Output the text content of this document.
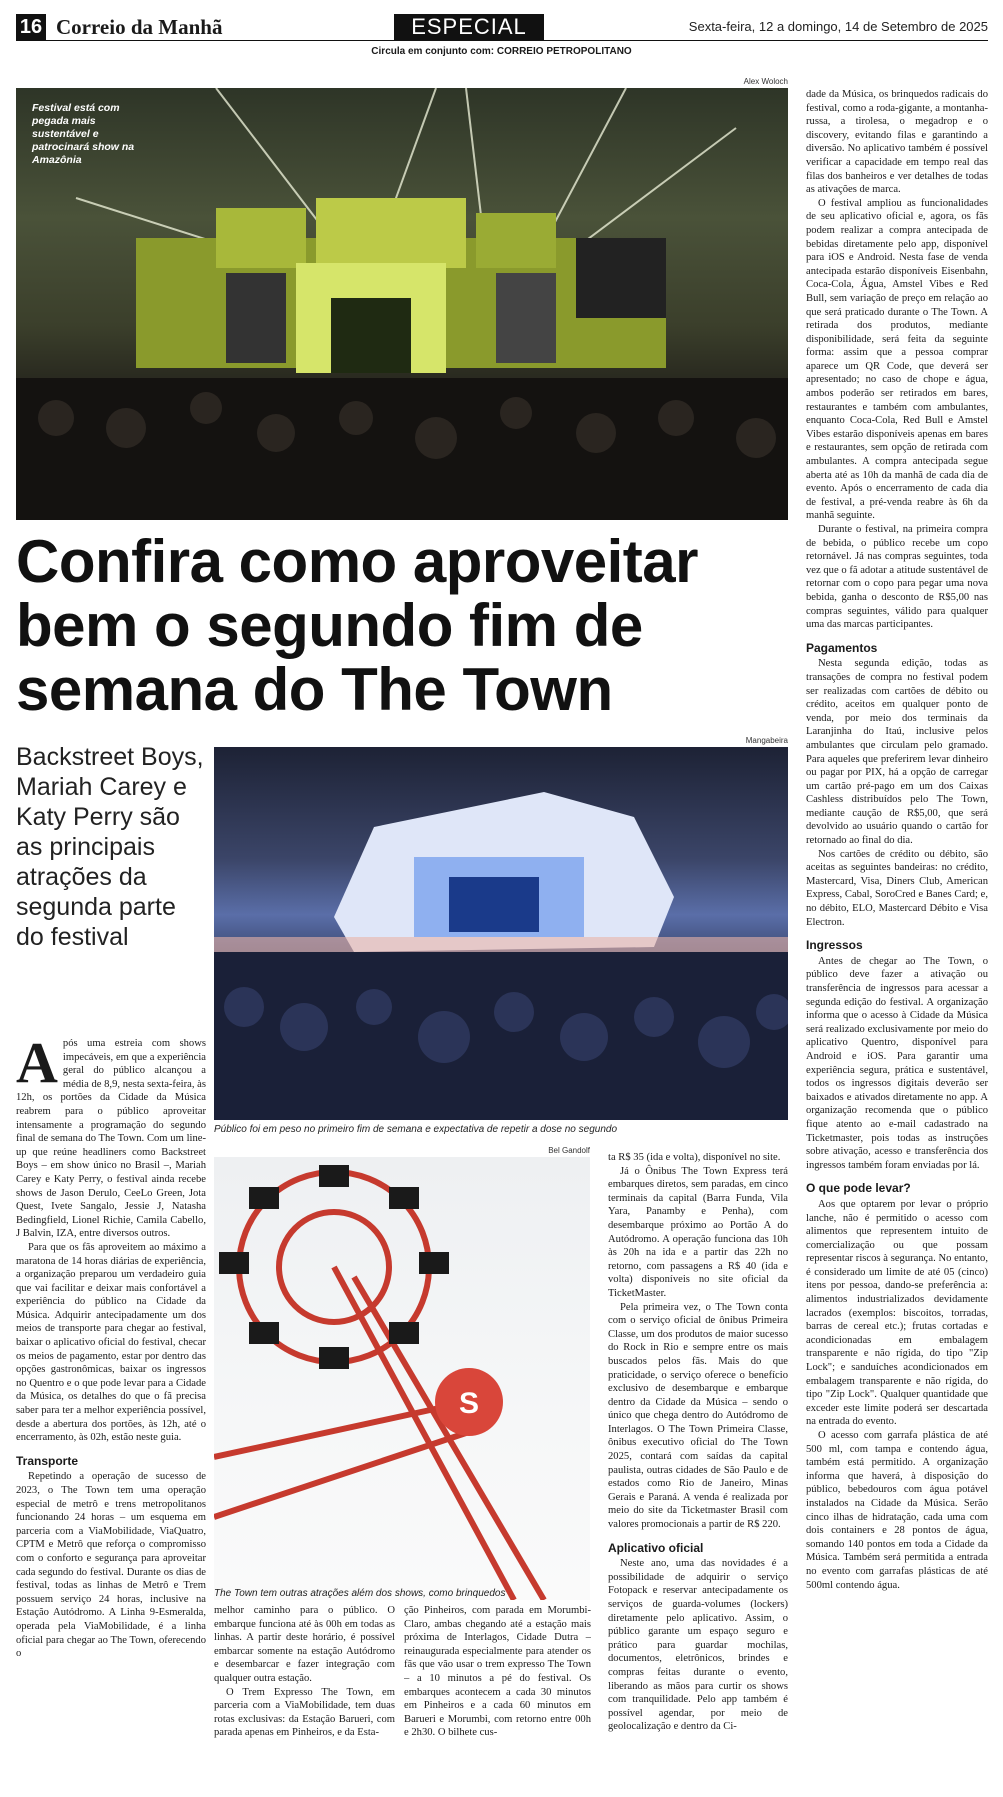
16 Correio da Manhã	ESPECIAL	Sexta-feira, 12 a domingo, 14 de Setembro de 2025
Circula em conjunto com: CORREIO PETROPOLITANO
Alex Woloch
Festival está com pegada mais sustentável e patrocinará show na Amazônia
Confira como aproveitar bem o segundo fim de semana do The Town
Backstreet Boys, Mariah Carey e Katy Perry são as principais atrações da segunda parte do festival
Mangabeira
Público foi em peso no primeiro fim de semana e expectativa de repetir a dose no segundo
Bel Gandolf
S

A pós uma estreia com shows impecáveis, em que a experiência geral do público alcançou a média de 8,9, nesta sexta-feira, às 12h, os portões da Cidade da Música reabrem para o público aproveitar intensamente a programação do segundo final de semana do The Town. Com um line-up que reúne headliners como Backstreet Boys – em show único no Brasil –, Mariah Carey e Katy Perry, o festival ainda recebe shows de Jason Derulo, CeeLo Green, Jota Quest, Ivete Sangalo, Jessie J, Natasha Bedingfield, Lionel Richie, Camila Cabello, J Balvin, IZA, entre diversos outros.

Para que os fãs aproveitem ao máximo a maratona de 14 horas diárias de experiência, a organização preparou um verdadeiro guia que vai facilitar e deixar mais confortável a experiência do público na Cidade da Música. Adquirir antecipadamente um dos meios de transporte para chegar ao festival, baixar o aplicativo oficial do festival, checar os meios de pagamento, estar por dentro das opções gastronômicas, baixar os ingressos no Quentro e o que pode levar para a Cidade da Música, os detalhes do que o fã precisa saber para ter a melhor experiência possível, desde a abertura dos portões, às 12h, até o encerramento, às 02h, estão neste guia.

Transporte

Repetindo a operação de sucesso de 2023, o The Town tem uma operação especial de metrô e trens metropolitanos funcionando 24 horas – um esquema em parceria com a ViaMobilidade, ViaQuatro, CPTM e Metrô que reforça o compromisso com o conforto e segurança para aproveitar cada segundo do festival. Durante os dias de festival, todas as linhas de Metrô e Trem possuem serviço 24 horas, inclusive na Estação Autódromo. A Linha 9-Esmeralda, operada pela ViaMobilidade, é a linha oficial para chegar ao The Town, oferecendo o

The Town tem outras atrações além dos shows, como brinquedos

melhor caminho para o público. O embarque funciona até às 00h em todas as linhas. A partir deste horário, é possível embarcar somente na estação Autódromo e desembarcar e fazer integração com qualquer outra estação.

O Trem Expresso The Town, em parceria com a ViaMobilidade, tem duas rotas exclusivas: da Estação Barueri, com parada apenas em Pinheiros, e da Esta-

ção Pinheiros, com parada em Morumbi-Claro, ambas chegando até a estação mais próxima de Interlagos, Cidade Dutra – reinaugurada especialmente para atender os fãs que vão usar o trem expresso The Town – a 10 minutos a pé do festival. Os embarques acontecem a cada 30 minutos em Pinheiros e a cada 60 minutos em Barueri e Morumbi, com retorno entre 00h e 2h30. O bilhete cus-

ta R$ 35 (ida e volta), disponível no site.

Já o Ônibus The Town Express terá embarques diretos, sem paradas, em cinco terminais da capital (Barra Funda, Vila Yara, Panamby e Penha), com desembarque próximo ao Portão A do Autódromo. A operação funciona das 10h às 20h na ida e a partir das 22h no retorno, com passagens a R$ 40 (ida e volta) disponíveis no site oficial da TicketMaster.

Pela primeira vez, o The Town conta com o serviço oficial de ônibus Primeira Classe, um dos produtos de maior sucesso do Rock in Rio e sempre entre os mais buscados pelos fãs. Mais do que praticidade, o serviço oferece o benefício exclusivo de desembarque e embarque dentro da Cidade da Música – sendo o único que chega dentro do Autódromo de Interlagos. O The Town Primeira Classe, ônibus executivo oficial do The Town 2025, contará com saídas da capital paulista, outras cidades de São Paulo e de estados como Rio de Janeiro, Minas Gerais e Paraná. A venda é realizada por meio do site da Ticketmaster Brasil com valores promocionais a partir de R$ 220.

Aplicativo oficial

Neste ano, uma das novidades é a possibilidade de adquirir o serviço Fotopack e reservar antecipadamente os serviços de guarda-volumes (lockers) diretamente pelo aplicativo. Assim, o público garante um espaço seguro e prático para guardar mochilas, documentos, eletrônicos, brindes e compras feitas durante o evento, liberando as mãos para curtir os shows com tranquilidade. Pelo app também é possível agendar, por meio de geolocalização e dentro da Ci-

dade da Música, os brinquedos radicais do festival, como a roda-gigante, a montanha-russa, a tirolesa, o megadrop e o discovery, evitando filas e garantindo a diversão. No aplicativo também é possível verificar a capacidade em tempo real das filas dos banheiros e ver detalhes de todas as ativações de marca.

O festival ampliou as funcionalidades de seu aplicativo oficial e, agora, os fãs podem realizar a compra antecipada de bebidas diretamente pelo app, disponível para iOS e Android. Nesta fase de venda antecipada estarão disponíveis Eisenbahn, Coca-Cola, Água, Amstel Vibes e Red Bull, sem variação de preço em relação ao que será praticado durante o The Town. A retirada dos produtos, mediante disponibilidade, será feita da seguinte forma: assim que a pessoa comprar aparece um QR Code, que deverá ser apresentado; no caso de chope e água, ambos poderão ser retirados em bares, restaurantes e também com ambulantes, enquanto Coca-Cola, Red Bull e Amstel Vibes estarão disponíveis apenas em bares e restaurantes, sem opção de retirada com ambulantes. A compra antecipada segue aberta até as 10h da manhã de cada dia de evento. Após o encerramento de cada dia de festival, a pré-venda reabre às 6h da manhã seguinte.

Durante o festival, na primeira compra de bebida, o público recebe um copo retornável. Já nas compras seguintes, toda vez que o fã adotar a atitude sustentável de retornar com o copo para pegar uma nova bebida, ganha o desconto de R$5,00 nas compras seguintes, válido para qualquer uma das marcas participantes.

Pagamentos

Nesta segunda edição, todas as transações de compra no festival podem ser realizadas com cartões de débito ou crédito, aceitos em qualquer ponto de venda, por meio dos terminais da Laranjinha do Itaú, inclusive pelos ambulantes que circulam pelo gramado. Para aqueles que preferirem levar dinheiro ou pagar por PIX, há a opção de carregar um cartão pré-pago em um dos Caixas Cashless distribuídos pelo The Town, mediante caução de R$5,00, que será devolvido ao usuário quando o cartão for retornado ao final do dia.

Nos cartões de crédito ou débito, são aceitas as seguintes bandeiras: no crédito, Mastercard, Visa, Diners Club, American Express, Cabal, SoroCred e Banes Card; e, no débito, ELO, Mastercard Débito e Visa Electron.

Ingressos

Antes de chegar ao The Town, o público deve fazer a ativação ou transferência de ingressos para acessar a segunda edição do festival. A organização informa que o acesso à Cidade da Música será realizado exclusivamente por meio do aplicativo Quentro, disponível para Android e iOS. Para garantir uma experiência segura, prática e sustentável, todos os ingressos digitais deverão ser baixados e ativados diretamente no app. A organização recomenda que o público fique atento ao e-mail cadastrado na Ticketmaster, pois todas as instruções sobre ativação, acesso e transferência dos ingressos também foram enviadas por lá.

O que pode levar?

Aos que optarem por levar o próprio lanche, não é permitido o acesso com alimentos que representem intuito de comercialização ou que possam representar riscos à segurança. No entanto, é considerado um limite de até 05 (cinco) itens por pessoa, dando-se preferência a: alimentos industrializados devidamente lacrados (exemplos: biscoitos, torradas, barras de cereal etc.); frutas cortadas e acondicionadas em embalagem transparente e não rígida, do tipo "Zip Lock"; e sanduíches acondicionados em embalagem transparente e não rígida, do tipo "Zip Lock". Qualquer quantidade que exceder este limite poderá ser descartada na entrada do evento.

O acesso com garrafa plástica de até 500 ml, com tampa e contendo água, também está permitido. A organização informa que haverá, à disposição do público, bebedouros com água potável instalados na Cidade da Música. Serão cinco ilhas de hidratação, cada uma com dois containers e 28 pontos de água, somando 140 pontos em toda a Cidade da Música. Também será permitida a entrada no evento com garrafas plásticas de até 500ml contendo água.
